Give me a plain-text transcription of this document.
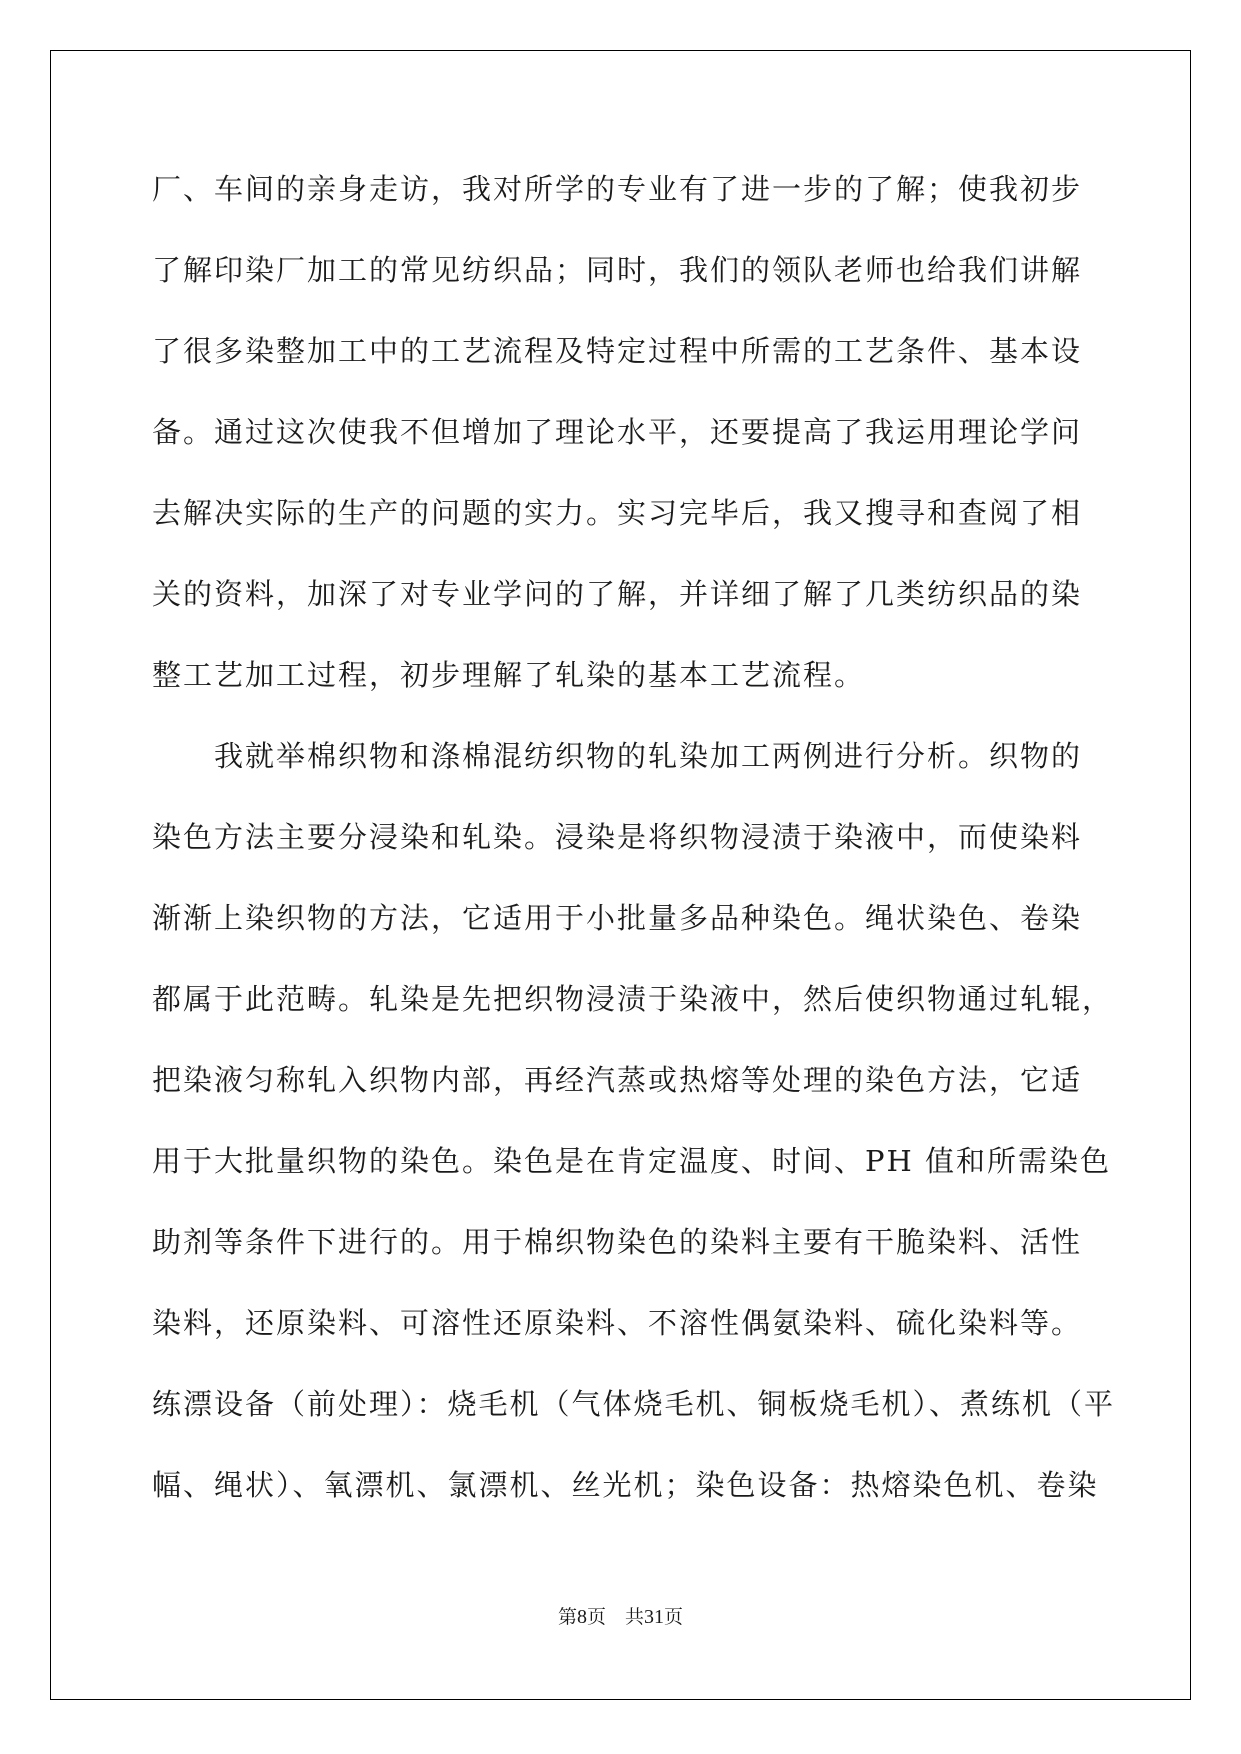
厂、车间的亲身走访，我对所学的专业有了进一步的了解；使我初步
了解印染厂加工的常见纺织品；同时，我们的领队老师也给我们讲解
了很多染整加工中的工艺流程及特定过程中所需的工艺条件、基本设
备。通过这次使我不但增加了理论水平，还要提高了我运用理论学问
去解决实际的生产的问题的实力。实习完毕后，我又搜寻和查阅了相
关的资料，加深了对专业学问的了解，并详细了解了几类纺织品的染
整工艺加工过程，初步理解了轧染的基本工艺流程。
我就举棉织物和涤棉混纺织物的轧染加工两例进行分析。织物的
染色方法主要分浸染和轧染。浸染是将织物浸渍于染液中，而使染料
渐渐上染织物的方法，它适用于小批量多品种染色。绳状染色、卷染
都属于此范畴。轧染是先把织物浸渍于染液中，然后使织物通过轧辊，
把染液匀称轧入织物内部，再经汽蒸或热熔等处理的染色方法，它适
用于大批量织物的染色。染色是在肯定温度、时间、PH 值和所需染色
助剂等条件下进行的。用于棉织物染色的染料主要有干脆染料、活性
染料，还原染料、可溶性还原染料、不溶性偶氨染料、硫化染料等。
练漂设备（前处理）：烧毛机（气体烧毛机、铜板烧毛机）、煮练机（平
幅、绳状）、氧漂机、氯漂机、丝光机；染色设备：热熔染色机、卷染
第8页　共31页
